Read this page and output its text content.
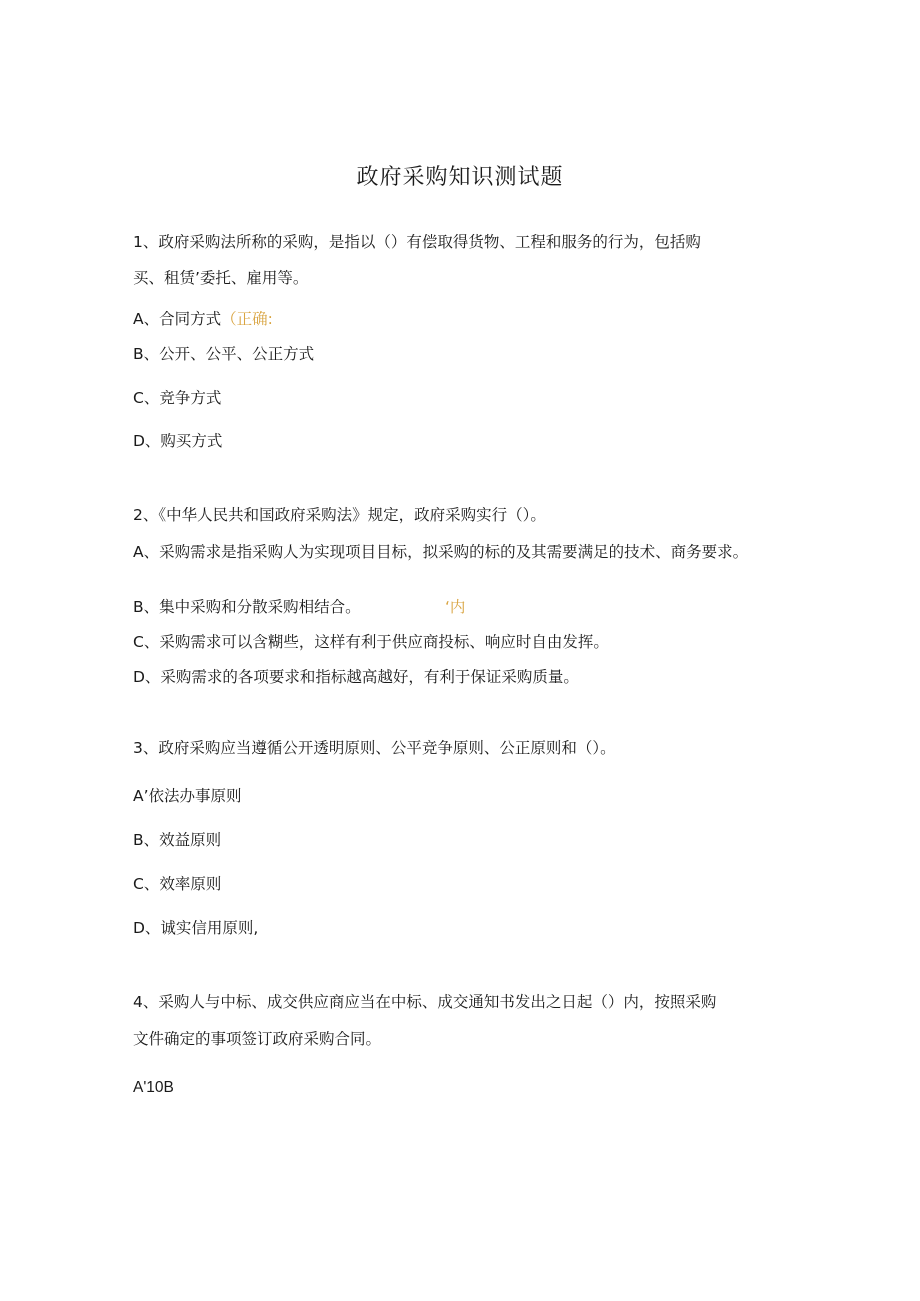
政府采购知识测试题
1、政府采购法所称的采购，是指以（）有偿取得货物、工程和服务的行为，包括购
买、租赁’委托、雇用等。
A、合同方式（正确:
B、公开、公平、公正方式
C、竞争方式
D、购买方式
2、《中华人民共和国政府采购法》规定，政府采购实行（）。
A、采购需求是指采购人为实现项目目标，拟采购的标的及其需要满足的技术、商务要求。
B、集中采购和分散采购相结合。	‘内
C、采购需求可以含糊些，这样有利于供应商投标、响应时自由发挥。
D、采购需求的各项要求和指标越高越好，有利于保证采购质量。
3、政府采购应当遵循公开透明原则、公平竞争原则、公正原则和（）。
A’依法办事原则
B、效益原则
C、效率原则
D、诚实信用原则,
4、采购人与中标、成交供应商应当在中标、成交通知书发出之日起（）内，按照采购
文件确定的事项签订政府采购合同。
A'10B
